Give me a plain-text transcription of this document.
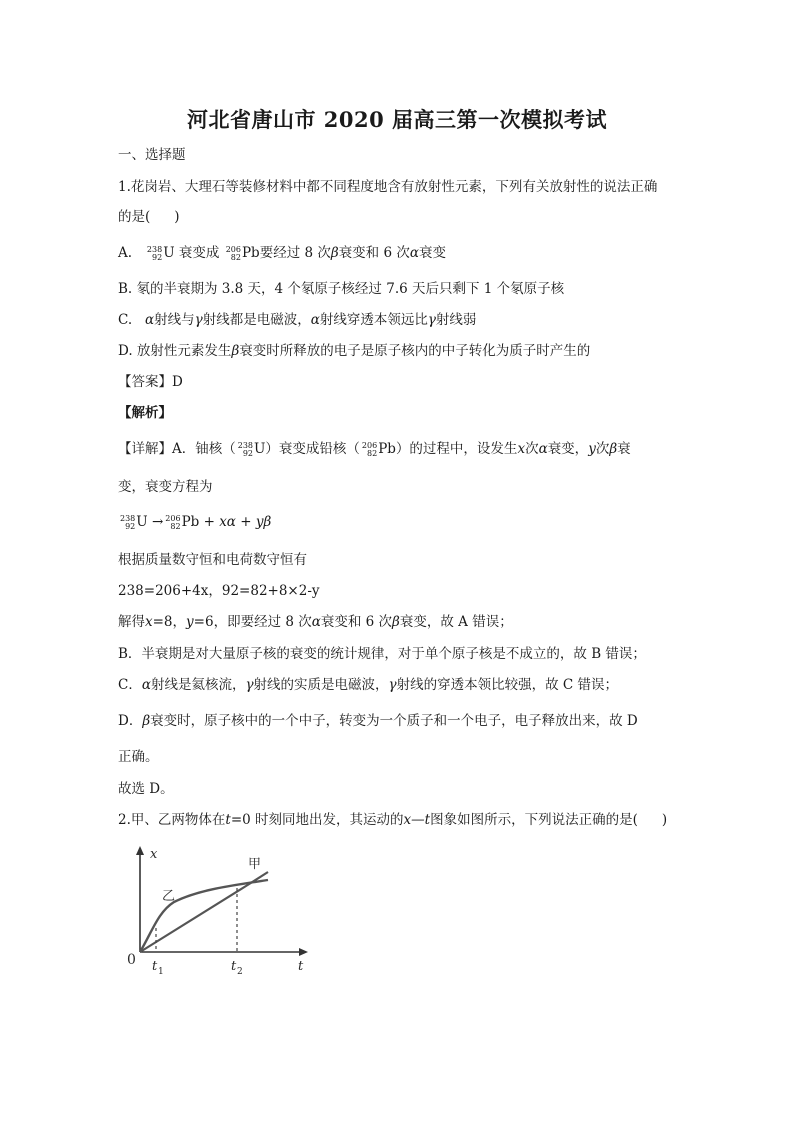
河北省唐山市 2020 届高三第一次模拟考试
一、选择题
1.花岗岩、大理石等装修材料中都不同程度地含有放射性元素，下列有关放射性的说法正确
的是( )
A. 238
92 U 衰变成 206
82 Pb要经过 8 次β衰变和 6 次α衰变
B. 氡的半衰期为 3.8 天，4 个氡原子核经过 7.6 天后只剩下 1 个氡原子核
C. α射线与γ射线都是电磁波，α射线穿透本领远比γ射线弱
D. 放射性元素发生β衰变时所释放的电子是原子核内的中子转化为质子时产生的
【答案】D
【解析】
【详解】A．铀核（ 238
92 U）衰变成铅核（ 206
82 Pb）的过程中，设发生x次α衰变，y次β衰
变，衰变方程为
238
92 U → 206
82 Pb + xα + yβ
根据质量数守恒和电荷数守恒有
238=206+4x，92=82+8×2-y
解得x=8，y=6，即要经过 8 次α衰变和 6 次β衰变，故 A 错误；
B．半衰期是对大量原子核的衰变的统计规律，对于单个原子核是不成立的，故 B 错误；
C．α射线是氦核流，γ射线的实质是电磁波，γ射线的穿透本领比较强，故 C 错误；
D．β衰变时，原子核中的一个中子，转变为一个质子和一个电子，电子释放出来，故 D
正确。
故选 D。
2.甲、乙两物体在t=0 时刻同地出发，其运动的x—t图象如图所示，下列说法正确的是( )
x
t
0
甲
乙
t 1	t 2
